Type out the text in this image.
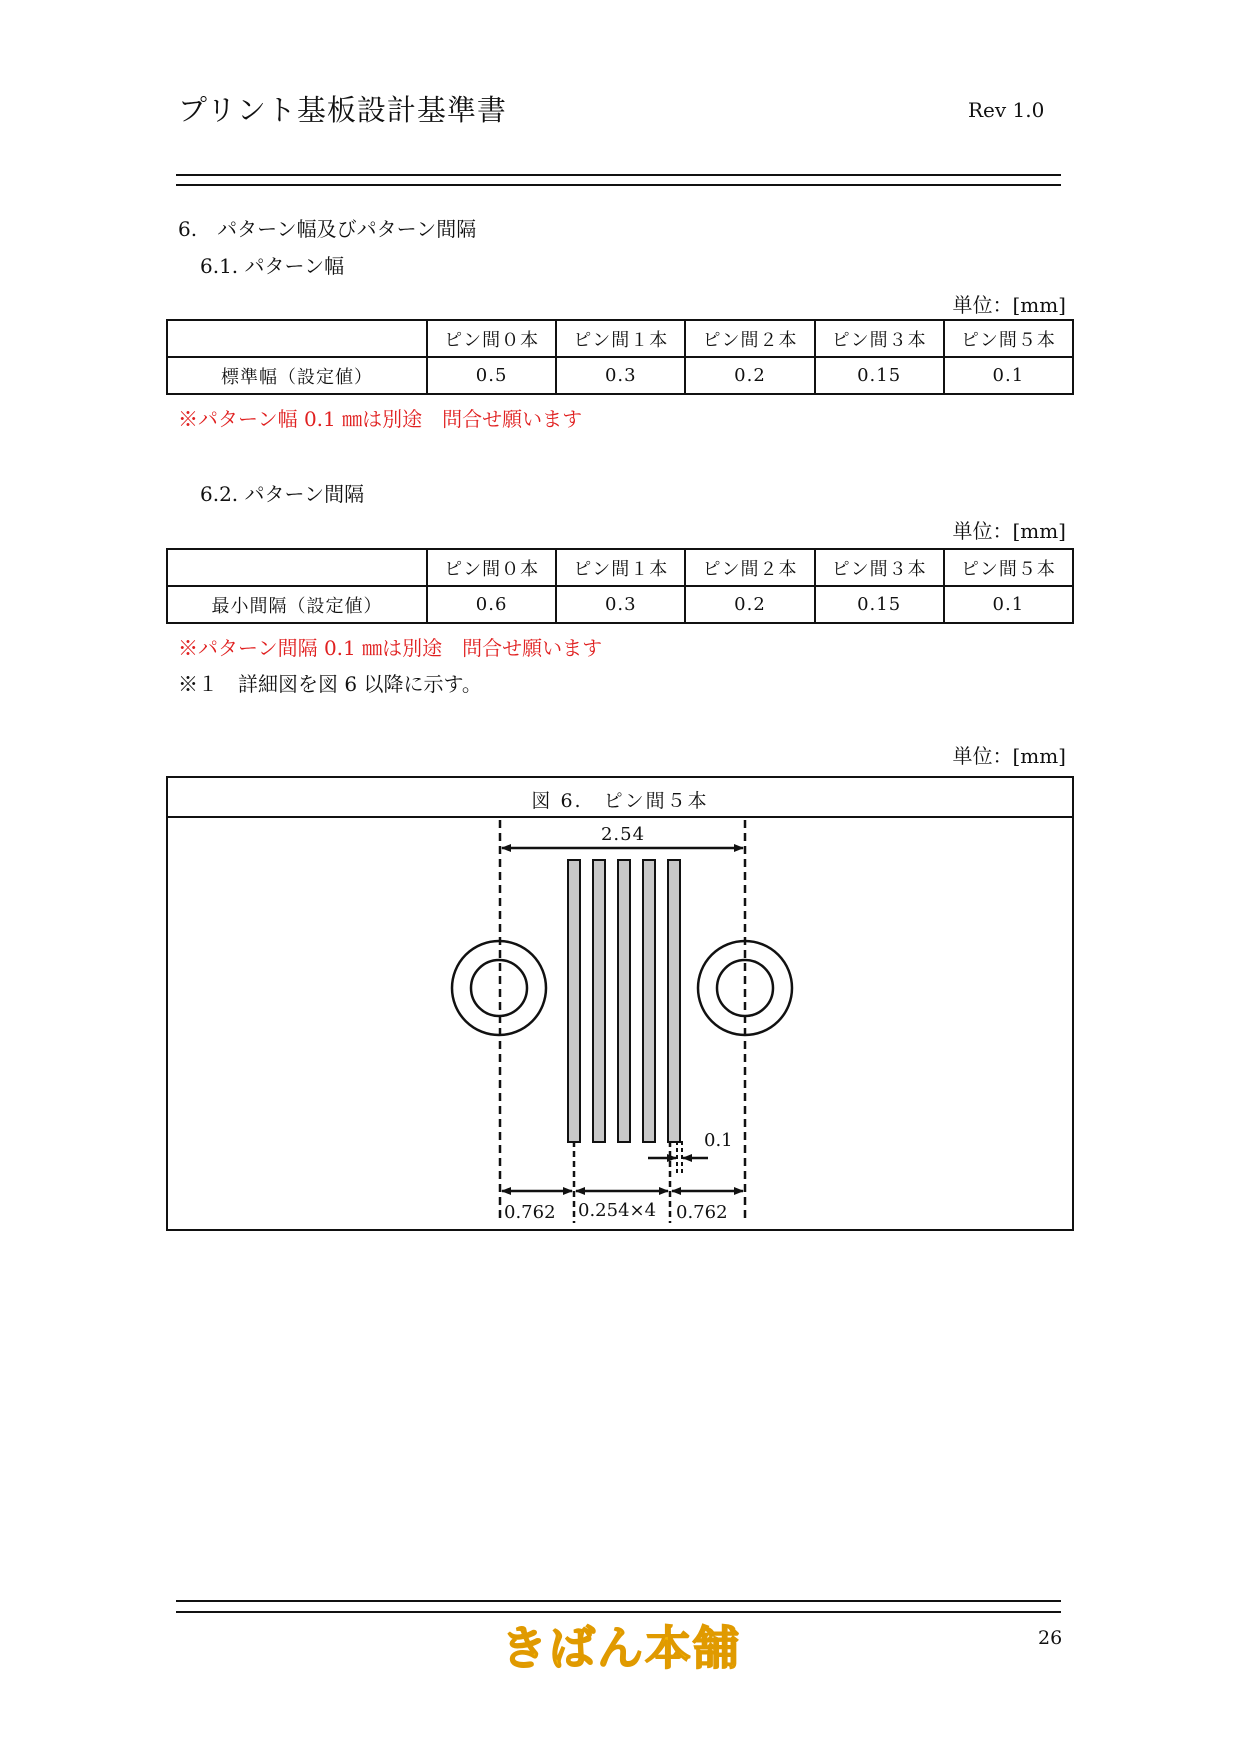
プリント基板設計基準書	Rev 1.0
6.　パターン幅及びパターン間隔
6.1. パターン幅
単位：[mm]
	ピン間０本	ピン間１本	ピン間２本	ピン間３本	ピン間５本
標準幅（設定値）	0.5	0.3	0.2	0.15	0.1
※パターン幅 0.1 ㎜は別途　問合せ願います
6.2. パターン間隔
単位：[mm]
	ピン間０本	ピン間１本	ピン間２本	ピン間３本	ピン間５本
最小間隔（設定値）	0.6	0.3	0.2	0.15	0.1
※パターン間隔 0.1 ㎜は別途　問合せ願います
※１　詳細図を図 6 以降に示す。
単位：[mm]
図 6.　ピン間５本
2.54
0.1
0.762 0.254×4 0.762
きばん本舗	26
